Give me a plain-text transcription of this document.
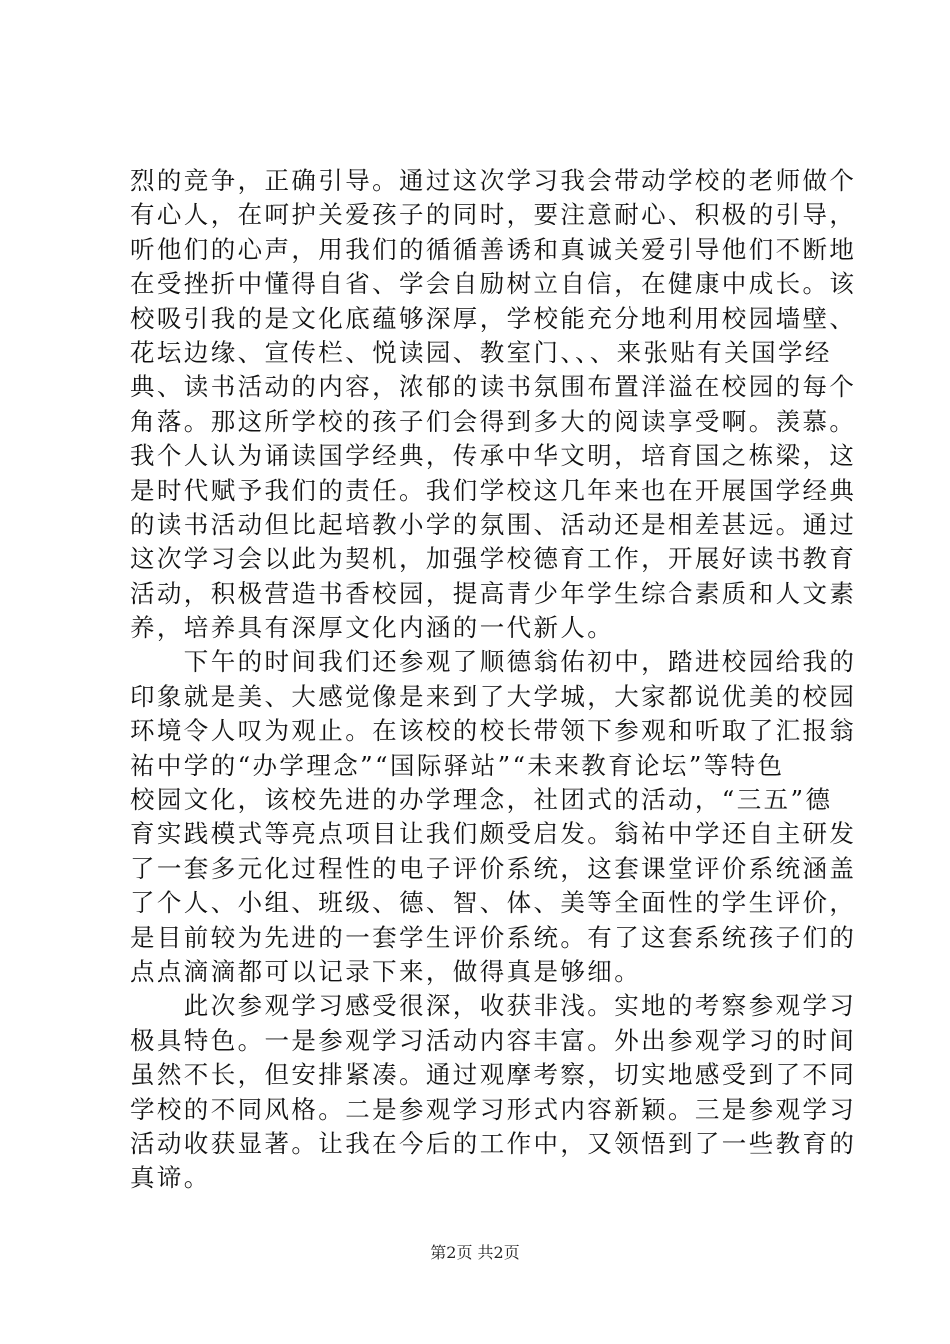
烈的竞争，正确引导。通过这次学习我会带动学校的老师做个
有心人，在呵护关爱孩子的同时，要注意耐心、积极的引导，
听他们的心声，用我们的循循善诱和真诚关爱引导他们不断地
在受挫折中懂得自省、学会自励树立自信，在健康中成长。该
校吸引我的是文化底蕴够深厚，学校能充分地利用校园墙壁、
花坛边缘、宣传栏、悦读园、教室门、、、来张贴有关国学经
典、读书活动的内容，浓郁的读书氛围布置洋溢在校园的每个
角落。那这所学校的孩子们会得到多大的阅读享受啊。羡慕。
我个人认为诵读国学经典，传承中华文明，培育国之栋梁，这
是时代赋予我们的责任。我们学校这几年来也在开展国学经典
的读书活动但比起培教小学的氛围、活动还是相差甚远。通过
这次学习会以此为契机，加强学校德育工作，开展好读书教育
活动，积极营造书香校园，提高青少年学生综合素质和人文素
养，培养具有深厚文化内涵的一代新人。
　　下午的时间我们还参观了顺德翁佑初中，踏进校园给我的
印象就是美、大感觉像是来到了大学城，大家都说优美的校园
环境令人叹为观止。在该校的校长带领下参观和听取了汇报翁
祐中学的“办学理念”“国际驿站”“未来教育论坛”等特色
校园文化，该校先进的办学理念，社团式的活动，“三五”德
育实践模式等亮点项目让我们颇受启发。翁祐中学还自主研发
了一套多元化过程性的电子评价系统，这套课堂评价系统涵盖
了个人、小组、班级、德、智、体、美等全面性的学生评价，
是目前较为先进的一套学生评价系统。有了这套系统孩子们的
点点滴滴都可以记录下来，做得真是够细。
　　此次参观学习感受很深，收获非浅。实地的考察参观学习
极具特色。一是参观学习活动内容丰富。外出参观学习的时间
虽然不长，但安排紧凑。通过观摩考察，切实地感受到了不同
学校的不同风格。二是参观学习形式内容新颖。三是参观学习
活动收获显著。让我在今后的工作中，又领悟到了一些教育的
真谛。
第2页 共2页
